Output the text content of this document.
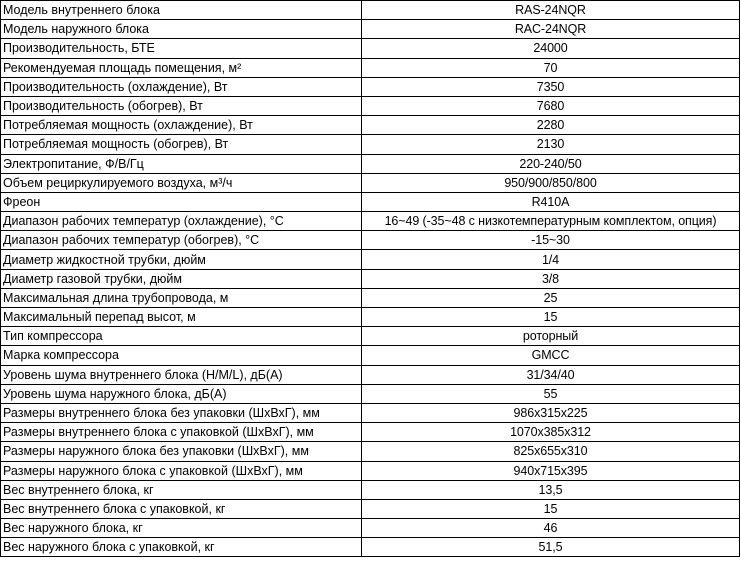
Модель внутреннего блока	RAS-24NQR
Модель наружного блока	RAC-24NQR
Производительность, БТЕ	24000
Рекомендуемая площадь помещения, м²	70
Производительность (охлаждение), Вт	7350
Производительность (обогрев), Вт	7680
Потребляемая мощность (охлаждение), Вт	2280
Потребляемая мощность (обогрев), Вт	2130
Электропитание, Ф/В/Гц	220-240/50
Объем рециркулируемого воздуха, м³/ч	950/900/850/800
Фреон	R410A
Диапазон рабочих температур (охлаждение), °С	16~49 (-35~48 с низкотемпературным комплектом, опция)
Диапазон рабочих температур (обогрев), °С	-15~30
Диаметр жидкостной трубки, дюйм	1/4
Диаметр газовой трубки, дюйм	3/8
Максимальная длина трубопровода, м	25
Максимальный перепад высот, м	15
Тип компрессора	роторный
Марка компрессора	GMCC
Уровень шума внутреннего блока (H/M/L), дБ(А)	31/34/40
Уровень шума наружного блока, дБ(А)	55
Размеры внутреннего блока без упаковки (ШхВхГ), мм	986x315x225
Размеры внутреннего блока с упаковкой (ШхВхГ), мм	1070x385x312
Размеры наружного блока без упаковки (ШхВхГ), мм	825x655x310
Размеры наружного блока с упаковкой (ШхВхГ), мм	940x715x395
Вес внутреннего блока, кг	13,5
Вес внутреннего блока с упаковкой, кг	15
Вес наружного блока, кг	46
Вес наружного блока с упаковкой, кг	51,5
